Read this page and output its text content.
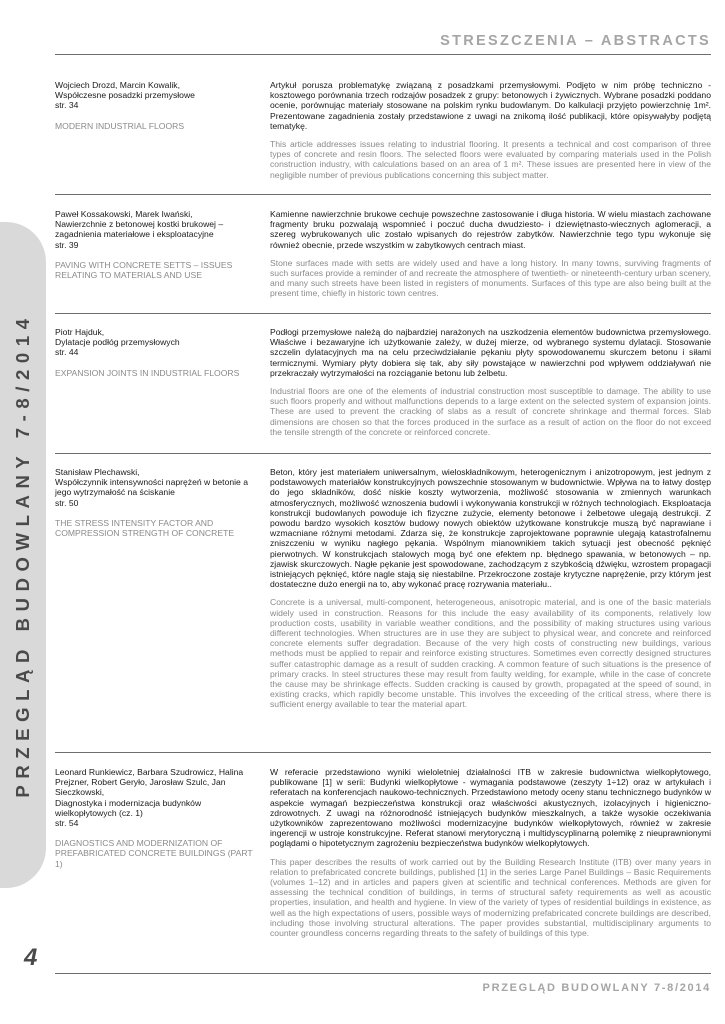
PRZEGLĄD BUDOWLANY 7-8/2014
STRESZCZENIA – ABSTRACTS
Wojciech Drozd, Marcin Kowalik,
Współczesne posadzki przemysłowe
str. 34
MODERN INDUSTRIAL FLOORS
Artykuł porusza problematykę związaną z posadzkami przemysłowymi. Podjęto w nim próbę techniczno - kosztowego porównania trzech rodzajów posadzek z grupy: betonowych i żywicznych. Wybrane posadzki poddano ocenie, porównując materiały stosowane na polskim rynku budowlanym. Do kalkulacji przyjęto powierzchnię 1m². Prezentowane zagadnienia zostały przedstawione z uwagi na znikomą ilość publikacji, które opisywałyby podjętą tematykę.
This article addresses issues relating to industrial flooring. It presents a technical and cost comparison of three types of concrete and resin floors. The selected floors were evaluated by comparing materials used in the Polish construction industry, with calculations based on an area of 1 m². These issues are presented here in view of the negligible number of previous publications concerning this subject matter.
Paweł Kossakowski, Marek Iwański,
Nawierzchnie z betonowej kostki brukowej – zagadnienia materiałowe i eksploatacyjne
str. 39
PAVING WITH CONCRETE SETTS – ISSUES RELATING TO MATERIALS AND USE
Kamienne nawierzchnie brukowe cechuje powszechne zastosowanie i długa historia. W wielu miastach zachowane fragmenty bruku pozwalają wspomnieć i poczuć ducha dwudziesto- i dziewiętnasto-wiecznych aglomeracji, a szereg wybrukowanych ulic zostało wpisanych do rejestrów zabytków. Nawierzchnie tego typu wykonuje się również obecnie, przede wszystkim w zabytkowych centrach miast.
Stone surfaces made with setts are widely used and have a long history. In many towns, surviving fragments of such surfaces provide a reminder of and recreate the atmosphere of twentieth- or nineteenth-century urban scenery, and many such streets have been listed in registers of monuments. Surfaces of this type are also being built at the present time, chiefly in historic town centres.
Piotr Hajduk,
Dylatacje podłóg przemysłowych
str. 44
EXPANSION JOINTS IN INDUSTRIAL FLOORS
Podłogi przemysłowe należą do najbardziej narażonych na uszkodzenia elementów budownictwa przemysłowego. Właściwe i bezawaryjne ich użytkowanie zależy, w dużej mierze, od wybranego systemu dylatacji. Stosowanie szczelin dylatacyjnych ma na celu przeciwdziałanie pękaniu płyty spowodowanemu skurczem betonu i siłami termicznymi. Wymiary płyty dobiera się tak, aby siły powstające w nawierzchni pod wpływem oddziaływań nie przekraczały wytrzymałości na rozciąganie betonu lub żelbetu.
Industrial floors are one of the elements of industrial construction most susceptible to damage. The ability to use such floors properly and without malfunctions depends to a large extent on the selected system of expansion joints. These are used to prevent the cracking of slabs as a result of concrete shrinkage and thermal forces. Slab dimensions are chosen so that the forces produced in the surface as a result of action on the floor do not exceed the tensile strength of the concrete or reinforced concrete.
Stanisław Plechawski,
Współczynnik intensywności naprężeń w betonie a jego wytrzymałość na ściskanie
str. 50
THE STRESS INTENSITY FACTOR AND COMPRESSION STRENGTH OF CONCRETE
Beton, który jest materiałem uniwersalnym, wieloskładnikowym, heterogenicznym i anizotropowym, jest jednym z podstawowych materiałów konstrukcyjnych powszechnie stosowanym w budownictwie. Wpływa na to łatwy dostęp do jego składników, dość niskie koszty wytworzenia, możliwość stosowania w zmiennych warunkach atmosferycznych, możliwość wznoszenia budowli i wykonywania konstrukcji w różnych technologiach. Eksploatacja konstrukcji budowlanych powoduje ich fizyczne zużycie, elementy betonowe i żelbetowe ulegają destrukcji. Z powodu bardzo wysokich kosztów budowy nowych obiektów użytkowane konstrukcje muszą być naprawiane i wzmacniane różnymi metodami. Zdarza się, że konstrukcje zaprojektowane poprawnie ulegają katastrofalnemu zniszczeniu w wyniku nagłego pękania. Wspólnym mianownikiem takich sytuacji jest obecność pęknięć pierwotnych. W konstrukcjach stalowych mogą być one efektem np. błędnego spawania, w betonowych – np. zjawisk skurczowych. Nagłe pękanie jest spowodowane, zachodzącym z szybkością dźwięku, wzrostem propagacji istniejących pęknięć, które nagle stają się niestabilne. Przekroczone zostaje krytyczne naprężenie, przy którym jest dostateczne dużo energii na to, aby wykonać pracę rozrywania materiału..
Concrete is a universal, multi-component, heterogeneous, anisotropic material, and is one of the basic materials widely used in construction. Reasons for this include the easy availability of its components, relatively low production costs, usability in variable weather conditions, and the possibility of making structures using various different technologies. When structures are in use they are subject to physical wear, and concrete and reinforced concrete elements suffer degradation. Because of the very high costs of constructing new buildings, various methods must be applied to repair and reinforce existing structures. Sometimes even correctly designed structures suffer catastrophic damage as a result of sudden cracking. A common feature of such situations is the presence of primary cracks. In steel structures these may result from faulty welding, for example, while in the case of concrete the cause may be shrinkage effects. Sudden cracking is caused by growth, propagated at the speed of sound, in existing cracks, which rapidly become unstable. This involves the exceeding of the critical stress, where there is sufficient energy available to tear the material apart.
Leonard Runkiewicz, Barbara Szudrowicz, Halina Prejzner, Robert Geryło, Jarosław Szulc, Jan Sieczkowski,
Diagnostyka i modernizacja budynków wielkopłytowych (cz. 1)
str. 54
DIAGNOSTICS AND MODERNIZATION OF PREFABRICATED CONCRETE BUILDINGS (PART 1)
W referacie przedstawiono wyniki wieloletniej działalności ITB w zakresie budownictwa wielkopłytowego, publikowane [1] w serii: Budynki wielkopłytowe - wymagania podstawowe (zeszyty 1÷12) oraz w artykułach i referatach na konferencjach naukowo-technicznych. Przedstawiono metody oceny stanu technicznego budynków w aspekcie wymagań bezpieczeństwa konstrukcji oraz właściwości akustycznych, izolacyjnych i higieniczno-zdrowotnych. Z uwagi na różnorodność istniejących budynków mieszkalnych, a także wysokie oczekiwania użytkowników zaprezentowano możliwości modernizacyjne budynków wielkopłytowych, również w zakresie ingerencji w ustroje konstrukcyjne. Referat stanowi merytoryczną i multidyscyplinarną polemikę z nieuprawnionymi poglądami o hipotetycznym zagrożeniu bezpieczeństwa budynków wielkopłytowych.
This paper describes the results of work carried out by the Building Research Institute (ITB) over many years in relation to prefabricated concrete buildings, published [1] in the series Large Panel Buildings – Basic Requirements (volumes 1–12) and in articles and papers given at scientific and technical conferences. Methods are given for assessing the technical condition of buildings, in terms of structural safety requirements as well as acoustic properties, insulation, and health and hygiene. In view of the variety of types of residential buildings in existence, as well as the high expectations of users, possible ways of modernizing prefabricated concrete buildings are described, including those involving structural alterations. The paper provides substantial, multidisciplinary arguments to counter groundless concerns regarding threats to the safety of buildings of this type.
4
PRZEGLĄD BUDOWLANY 7-8/2014
